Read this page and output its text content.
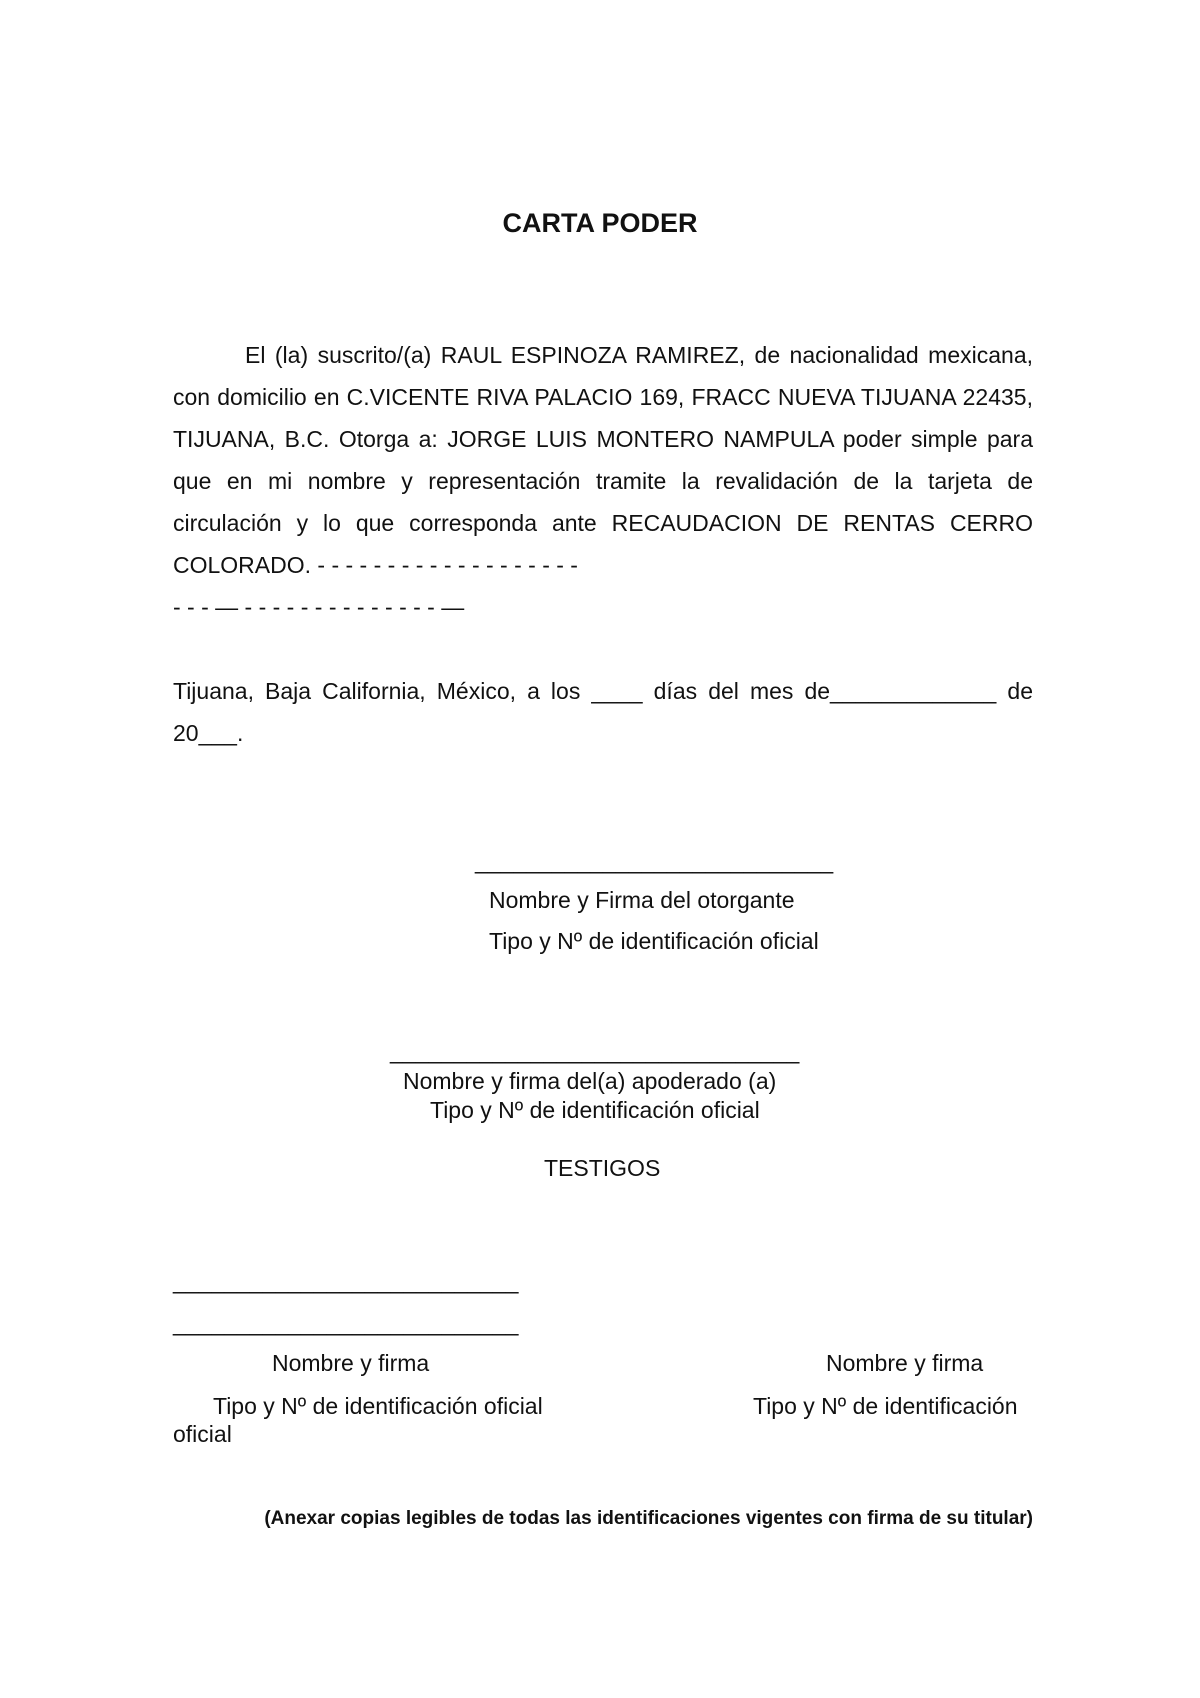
CARTA PODER
El (la) suscrito/(a) RAUL ESPINOZA RAMIREZ, de nacionalidad mexicana, con domicilio en C.VICENTE RIVA PALACIO 169, FRACC NUEVA TIJUANA 22435, TIJUANA, B.C. Otorga a: JORGE LUIS MONTERO NAMPULA poder simple para que en mi nombre y representación tramite la revalidación de la tarjeta de circulación y lo que corresponda ante RECAUDACION DE RENTAS CERRO COLORADO. - - - - - - - - - - - - - - - - - - -
- - - — - - - - - - - - - - - - - - —
Tijuana, Baja California, México, a los ____ días del mes de_____________ de
20___.
____________________________
Nombre y Firma del otorgante
Tipo y Nº de identificación oficial
________________________________
Nombre y firma del(a) apoderado (a)
Tipo y Nº de identificación oficial
TESTIGOS
___________________________
___________________________
Nombre y firma
Tipo y Nº de identificación oficial
oficial
Nombre y firma
Tipo y Nº de identificación
(Anexar copias legibles de todas las identificaciones vigentes con firma de su titular)
